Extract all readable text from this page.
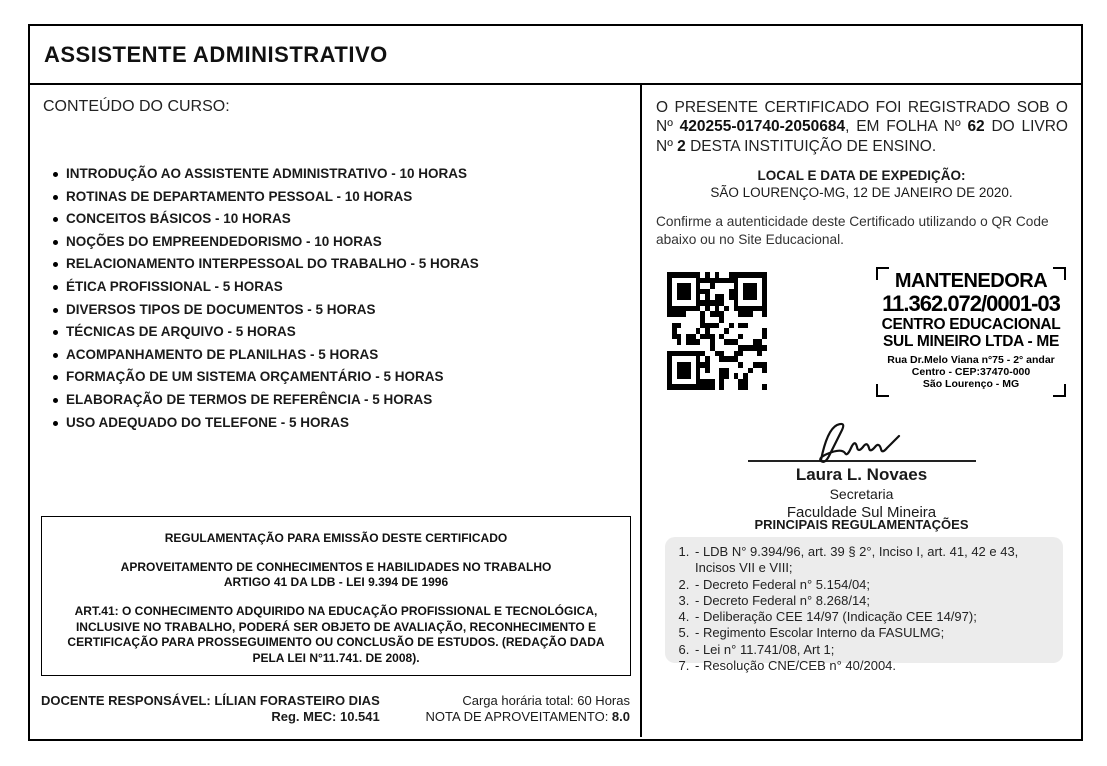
ASSISTENTE ADMINISTRATIVO
CONTEÚDO DO CURSO:
INTRODUÇÃO AO ASSISTENTE ADMINISTRATIVO - 10 HORAS
ROTINAS DE DEPARTAMENTO PESSOAL - 10 HORAS
CONCEITOS BÁSICOS - 10 HORAS
NOÇÕES DO EMPREENDEDORISMO - 10 HORAS
RELACIONAMENTO INTERPESSOAL DO TRABALHO - 5 HORAS
ÉTICA PROFISSIONAL - 5 HORAS
DIVERSOS TIPOS DE DOCUMENTOS - 5 HORAS
TÉCNICAS DE ARQUIVO - 5 HORAS
ACOMPANHAMENTO DE PLANILHAS - 5 HORAS
FORMAÇÃO DE UM SISTEMA ORÇAMENTÁRIO - 5 HORAS
ELABORAÇÃO DE TERMOS DE REFERÊNCIA - 5 HORAS
USO ADEQUADO DO TELEFONE - 5 HORAS
REGULAMENTAÇÃO PARA EMISSÃO DESTE CERTIFICADO
APROVEITAMENTO DE CONHECIMENTOS E HABILIDADES NO TRABALHO
ARTIGO 41 DA LDB - LEI 9.394 DE 1996
ART.41: O CONHECIMENTO ADQUIRIDO NA EDUCAÇÃO PROFISSIONAL E TECNOLÓGICA, INCLUSIVE NO TRABALHO, PODERÁ SER OBJETO DE AVALIAÇÃO, RECONHECIMENTO E CERTIFICAÇÃO PARA PROSSEGUIMENTO OU CONCLUSÃO DE ESTUDOS. (REDAÇÃO DADA PELA LEI N°11.741. DE 2008).
DOCENTE RESPONSÁVEL: LÍLIAN FORASTEIRO DIAS
Reg. MEC: 10.541
Carga horária total: 60 Horas
NOTA DE APROVEITAMENTO: 8.0

O PRESENTE CERTIFICADO FOI REGISTRADO SOB O Nº 420255-01740-2050684, EM FOLHA Nº 62 DO LIVRO Nº 2 DESTA INSTITUIÇÃO DE ENSINO.

LOCAL E DATA DE EXPEDIÇÃO:
SÃO LOURENÇO-MG, 12 DE JANEIRO DE 2020.

Confirme a autenticidade deste Certificado utilizando o QR Code abaixo ou no Site Educacional.

MANTENEDORA
11.362.072/0001-03
CENTRO EDUCACIONAL
SUL MINEIRO LTDA - ME
Rua Dr.Melo Viana n°75 - 2° andar
Centro - CEP:37470-000
São Lourenço - MG
Laura L. Novaes
Secretaria
Faculdade Sul Mineira
PRINCIPAIS REGULAMENTAÇÕES
1. - LDB N° 9.394/96, art. 39 § 2°, Inciso I, art. 41, 42 e 43, Incisos VII e VIII;
2. - Decreto Federal n° 5.154/04;
3. - Decreto Federal n° 8.268/14;
4. - Deliberação CEE 14/97 (Indicação CEE 14/97);
5. - Regimento Escolar Interno da FASULMG;
6. - Lei n° 11.741/08, Art 1;
7. - Resolução CNE/CEB n° 40/2004.
